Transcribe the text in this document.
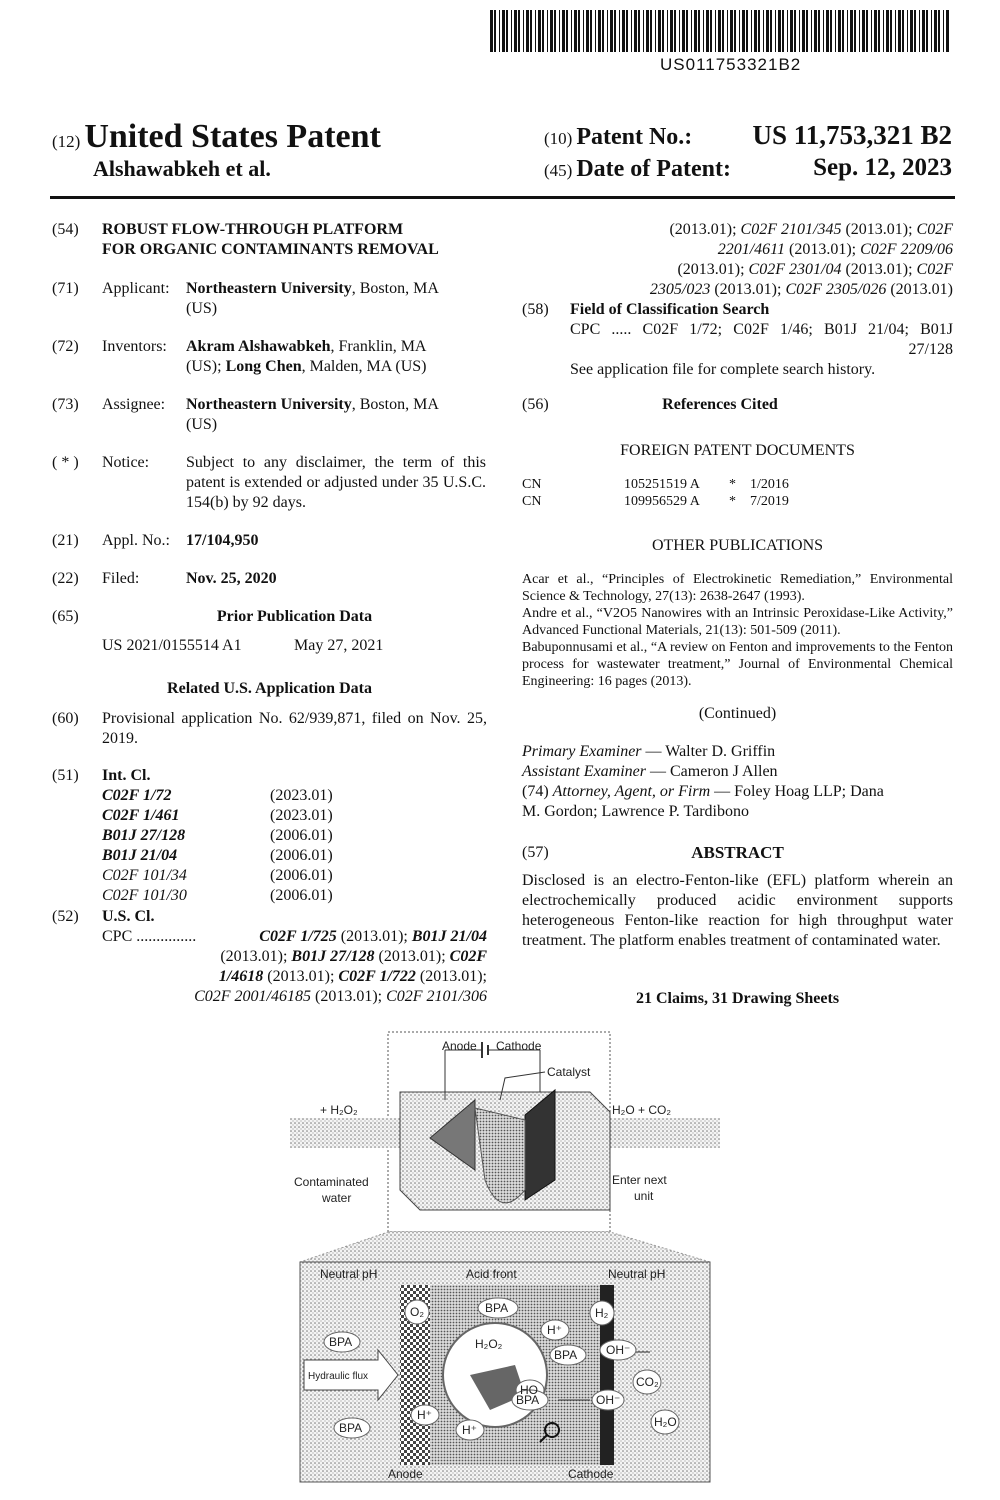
US011753321B2
(12) United States Patent
Alshawabkeh et al.
(10) Patent No.: US 11,753,321 B2
(45) Date of Patent:	Sep. 12, 2023
(54) ROBUST FLOW-THROUGH PLATFORM
FOR ORGANIC CONTAMINANTS REMOVAL
(71) Applicant: Northeastern University, Boston, MA
(US)
(72) Inventors: Akram Alshawabkeh, Franklin, MA
(US); Long Chen, Malden, MA (US)
(73) Assignee: Northeastern University, Boston, MA
(US)
( * ) Notice: Subject to any disclaimer, the term of this patent is extended or adjusted under 35 U.S.C. 154(b) by 92 days.
(21) Appl. No.: 17/104,950
(22) Filed:	Nov. 25, 2020
(65)	Prior Publication Data
US 2021/0155514 A1	May 27, 2021
Related U.S. Application Data
(60) Provisional application No. 62/939,871, filed on Nov. 25, 2019.
(51) Int. Cl.
C02F 1/72	(2023.01)
C02F 1/461	(2023.01)
B01J 27/128	(2006.01)
B01J 21/04	(2006.01)
C02F 101/34	(2006.01)
C02F 101/30	(2006.01)
(52) U.S. Cl.
CPC ...............	C02F 1/725 (2013.01); B01J 21/04
(2013.01); B01J 27/128 (2013.01); C02F
1/4618 (2013.01); C02F 1/722 (2013.01);
C02F 2001/46185 (2013.01); C02F 2101/306
(2013.01); C02F 2101/345 (2013.01); C02F
2201/4611 (2013.01); C02F 2209/06
(2013.01); C02F 2301/04 (2013.01); C02F
2305/023 (2013.01); C02F 2305/026 (2013.01)
(58) Field of Classification Search
CPC ..... C02F 1/72; C02F 1/46; B01J 21/04; B01J
27/128
See application file for complete search history.
(56)	References Cited
FOREIGN PATENT DOCUMENTS
CN	105251519 A * 1/2016
CN	109956529 A * 7/2019
OTHER PUBLICATIONS
Acar et al., “Principles of Electrokinetic Remediation,” Environmental Science & Technology, 27(13): 2638-2647 (1993).
Andre et al., “V2O5 Nanowires with an Intrinsic Peroxidase-Like Activity,” Advanced Functional Materials, 21(13): 501-509 (2011).
Babuponnusami et al., “A review on Fenton and improvements to the Fenton process for wastewater treatment,” Journal of Environmental Chemical Engineering: 16 pages (2013).
(Continued)
Primary Examiner — Walter D. Griffin
Assistant Examiner — Cameron J Allen
(74) Attorney, Agent, or Firm — Foley Hoag LLP; Dana
M. Gordon; Lawrence P. Tardibono
(57)	ABSTRACT
Disclosed is an electro-Fenton-like (EFL) platform wherein an electrochemically produced acidic environment supports heterogeneous Fenton-like reaction for high throughput water treatment. The platform enables treatment of contaminated water.
21 Claims, 31 Drawing Sheets
Anode Cathode
Catalyst
+ H₂O₂	H₂O + CO₂
Contaminated
water
Enter next
unit
Neutral pH	Acid front	Neutral pH
BPA
BPA
BPA
BPA
BPA
O₂	H₂
H₂O₂
H⁺
H⁺
H⁺
HO
OH⁻
OH⁻
CO₂
H₂O
Hydraulic flux
Anode	Cathode
